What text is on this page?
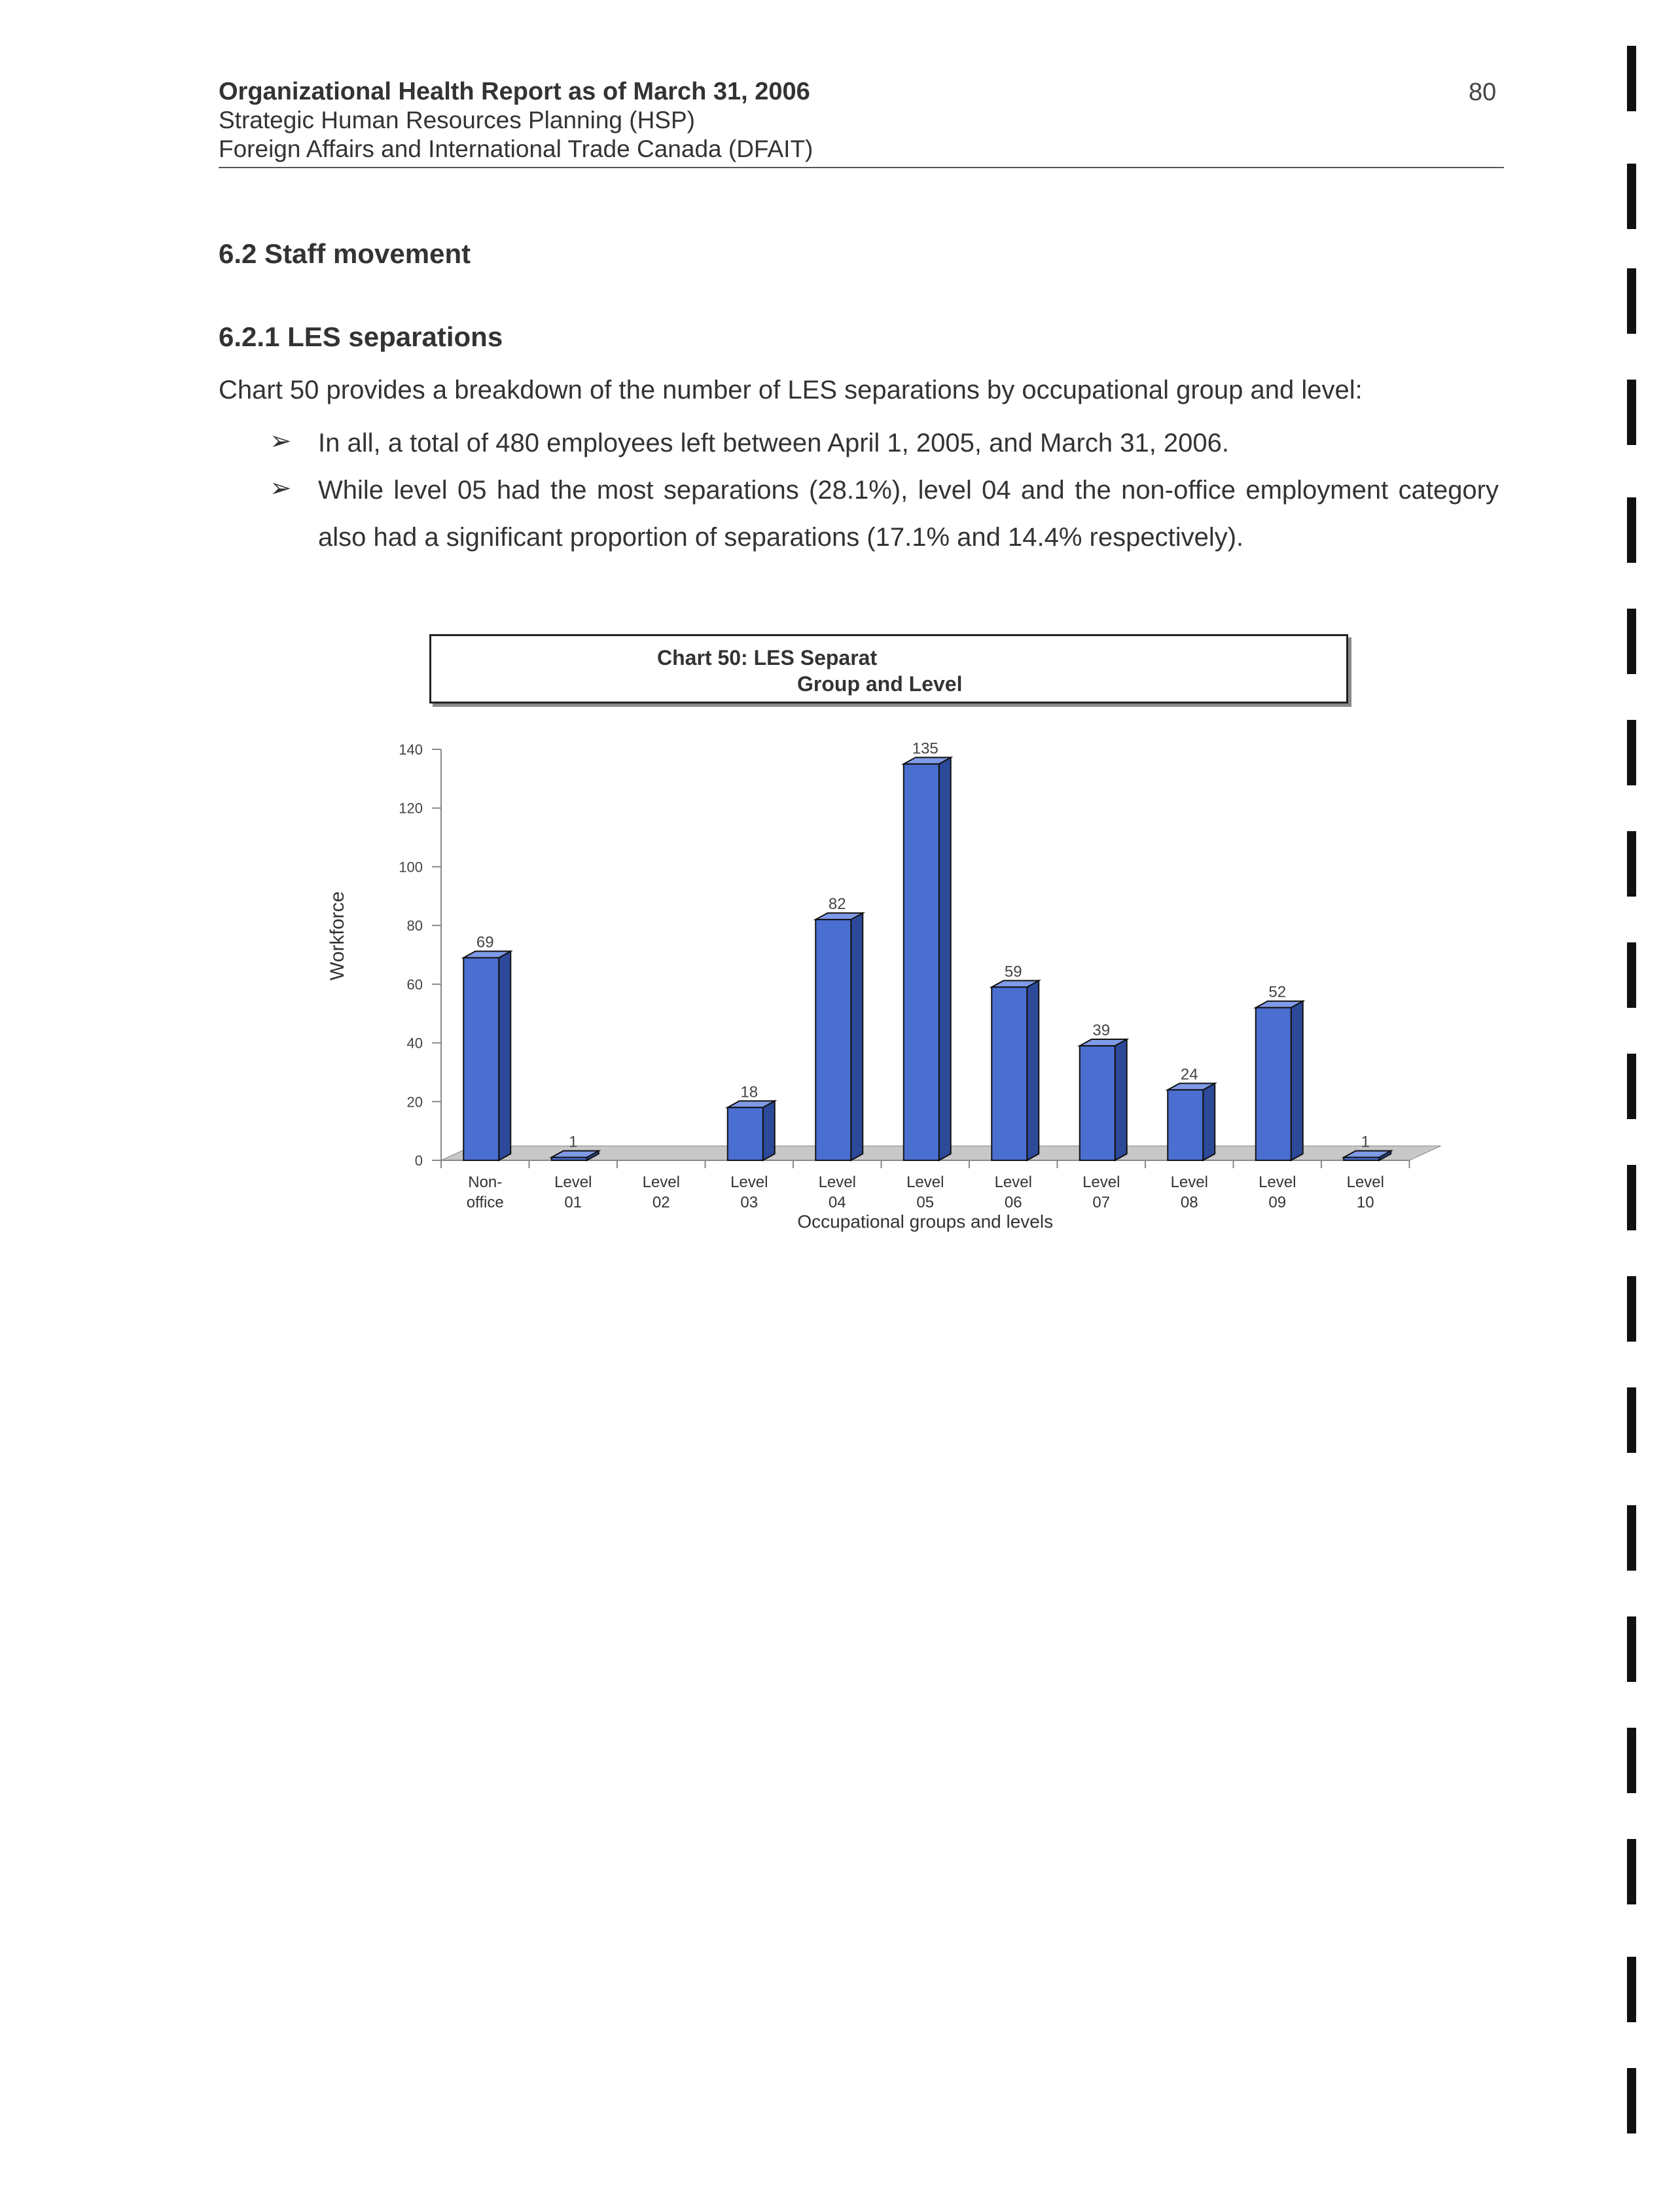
Organizational Health Report as of March 31, 2006
Strategic Human Resources Planning (HSP)
Foreign Affairs and International Trade Canada (DFAIT)
80
6.2 Staff movement
6.2.1 LES separations
Chart 50 provides a breakdown of the number of LES separations by occupational group and level:
➢ In all, a total of 480 employees left between April 1, 2005, and March 31, 2006.
➢ While level 05 had the most separations (28.1%), level 04 and the non-office employment category also had a significant proportion of separations (17.1% and 14.4% respectively).
Chart 50: LES Separat
Group and Level
0
20
40
60
80
100
120
140
Workforce
Non-
office
69
Level
01
1
Level
02
Level
03
18
Level
04
82
Level
05
135
Level
06
59
Level
07
39
Level
08
24
Level
09
52
Level
10
1
Occupational groups and levels
